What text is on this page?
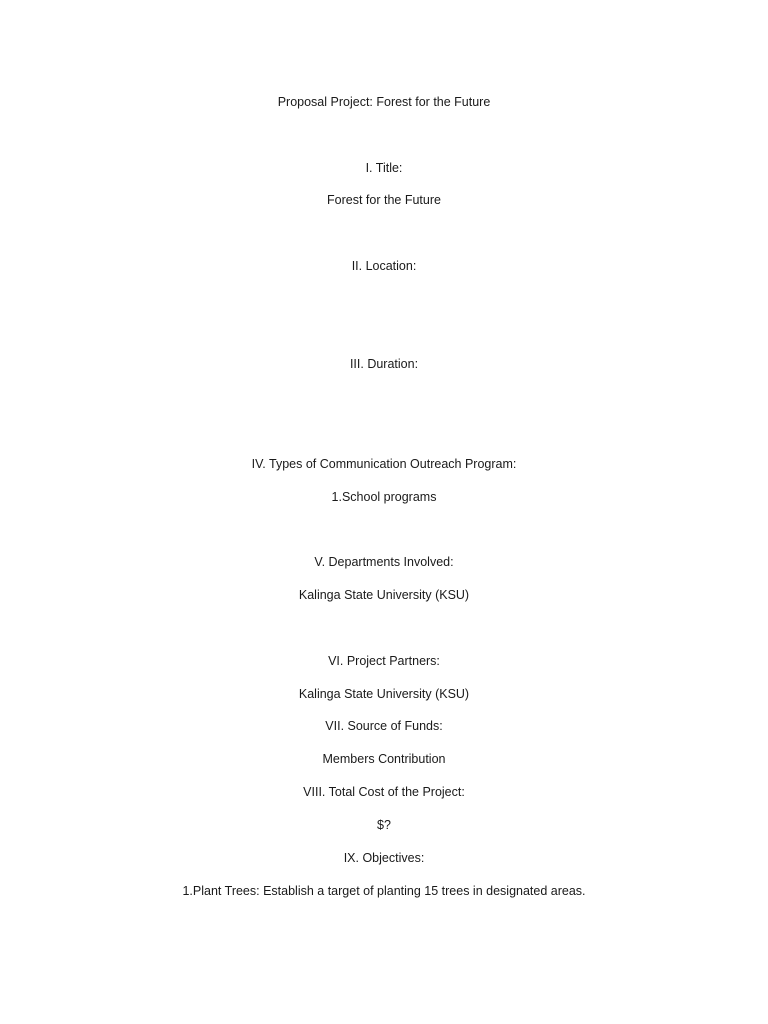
Proposal Project: Forest for the Future
I. Title:
Forest for the Future
II. Location:
III. Duration:
IV. Types of Communication Outreach Program:
1.School programs
V. Departments Involved:
Kalinga State University (KSU)
VI. Project Partners:
Kalinga State University (KSU)
VII. Source of Funds:
Members Contribution
VIII. Total Cost of the Project:
$?
IX. Objectives:
1.Plant Trees: Establish a target of planting 15 trees in designated areas.
